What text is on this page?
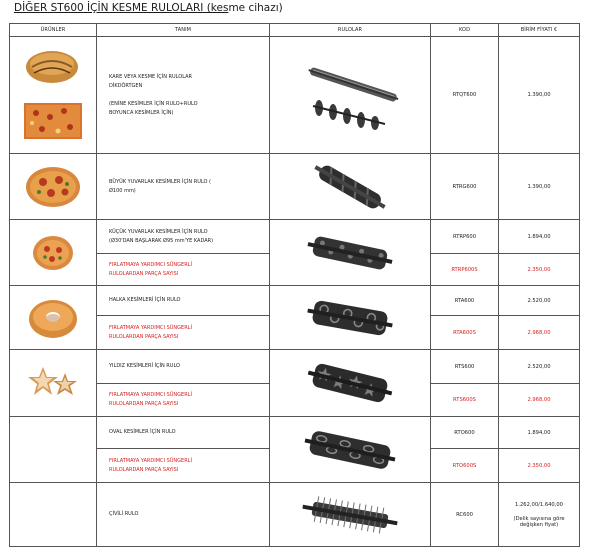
DİĞER ST600 İÇİN KESME RULOLARI (kesme cihazı)
ÜRÜNLER	TANIM	RULOLAR	KOD	BİRİM FİYATI €

KARE VEYA KESME İÇİN RULOLAR
DİKDÖRTGEN
(ENİNE KESİMLER İÇİN RULO+RULO
BOYUNCA KESİMLER İÇİN)		RTQT600	1.390,00

BÜYÜK YUVARLAK KESİMLER İÇİN RULO (
Ø100 mm)		RTRG600	1.390,00

KÜÇÜK YUVARLAK KESİMLER İÇİN RULO
(Ø30'DAN BAŞLARAK Ø95 mm'YE KADAR)		RTRP600	1.894,00

	FIRLATMAYA YARDIMCI SÜNGERLİ
RULOLARDAN PARÇA SAYISI		RTRP600S	2.350,00

HALKA KESİMLERİ İÇİN RULO		RTA600	2.520,00

	FIRLATMAYA YARDIMCI SÜNGERLİ
RULOLARDAN PARÇA SAYISI		RTA600S	2.968,00

YILDIZ KESİMLERİ İÇİN RULO		RTS600	2.520,00

	FIRLATMAYA YARDIMCI SÜNGERLİ
RULOLARDAN PARÇA SAYISI		RTS600S	2.968,00

	OVAL KESİMLER İÇİN RULO		RTO600	1.894,00

	FIRLATMAYA YARDIMCI SÜNGERLİ
RULOLARDAN PARÇA SAYISI		RTO600S	2.350,00

	ÇİVİLİ RULO		RC600	1.262,00/1.640,00
(Delik sayısına göre
değişken fiyat)
